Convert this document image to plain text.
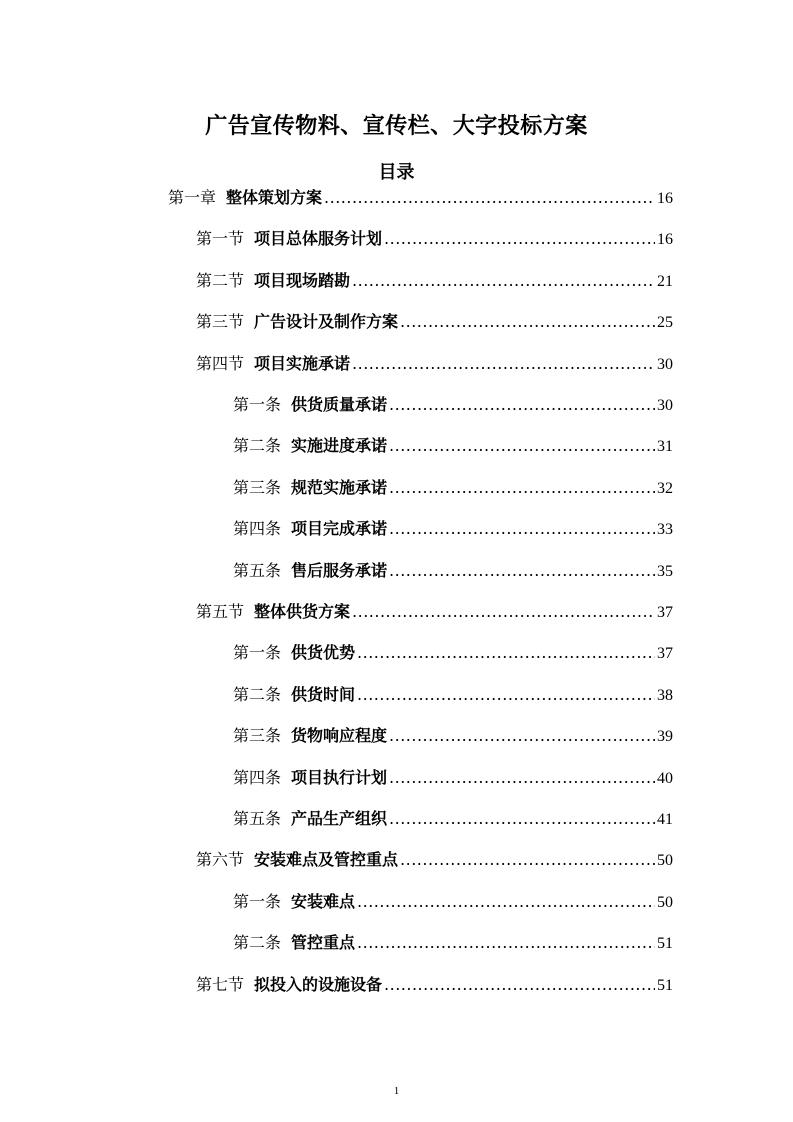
广告宣传物料、宣传栏、大字投标方案
目录
第一章 整体策划方案 .....	16
第一节 项目总体服务计划 .....	16
第二节 项目现场踏勘 .....	21
第三节 广告设计及制作方案 .....	25
第四节 项目实施承诺 .....	30
第一条 供货质量承诺 .....	30
第二条 实施进度承诺 .....	31
第三条 规范实施承诺 .....	32
第四条 项目完成承诺 .....	33
第五条 售后服务承诺 .....	35
第五节 整体供货方案 .....	37
第一条 供货优势 .....	37
第二条 供货时间 .....	38
第三条 货物响应程度 .....	39
第四条 项目执行计划 .....	40
第五条 产品生产组织 .....	41
第六节 安装难点及管控重点 .....	50
第一条 安装难点 .....	50
第二条 管控重点 .....	51
第七节 拟投入的设施设备 .....	51
1
